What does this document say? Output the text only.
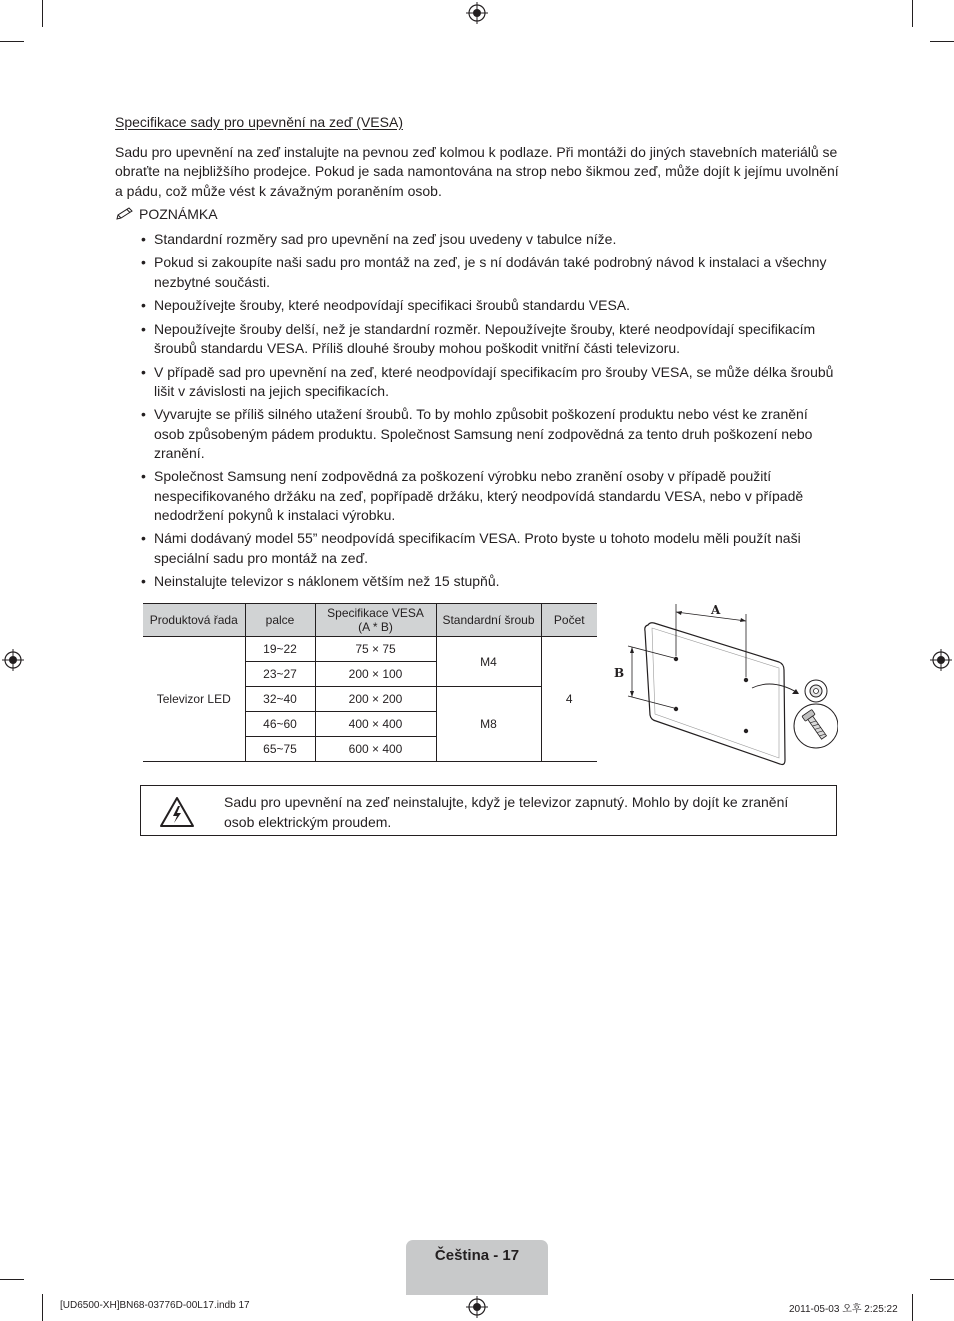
Specifikace sady pro upevnění na zeď (VESA)
Sadu pro upevnění na zeď instalujte na pevnou zeď kolmou k podlaze. Při montáži do jiných stavebních materiálů se obraťte na nejbližšího prodejce. Pokud je sada namontována na strop nebo šikmou zeď, může dojít k jejímu uvolnění a pádu, což může vést k závažným poraněním osob.
POZNÁMKA
• Standardní rozměry sad pro upevnění na zeď jsou uvedeny v tabulce níže.
• Pokud si zakoupíte naši sadu pro montáž na zeď, je s ní dodáván také podrobný návod k instalaci a všechny nezbytné součásti.
• Nepoužívejte šrouby, které neodpovídají specifikaci šroubů standardu VESA.
• Nepoužívejte šrouby delší, než je standardní rozměr. Nepoužívejte šrouby, které neodpovídají specifikacím šroubů standardu VESA. Příliš dlouhé šrouby mohou poškodit vnitřní části televizoru.
• V případě sad pro upevnění na zeď, které neodpovídají specifikacím pro šrouby VESA, se může délka šroubů lišit v závislosti na jejich specifikacích.
• Vyvarujte se příliš silného utažení šroubů. To by mohlo způsobit poškození produktu nebo vést ke zranění osob způsobeným pádem produktu. Společnost Samsung není zodpovědná za tento druh poškození nebo zranění.
• Společnost Samsung není zodpovědná za poškození výrobku nebo zranění osoby v případě použití nespecifikovaného držáku na zeď, popřípadě držáku, který neodpovídá standardu VESA, nebo v případě nedodržení pokynů k instalaci výrobku.
• Námi dodávaný model 55” neodpovídá specifikacím VESA. Proto byste u tohoto modelu měli použít naši speciální sadu pro montáž na zeď.
• Neinstalujte televizor s náklonem větším než 15 stupňů.
Produktová řada	palce	Specifikace VESA
(A * B)	Standardní šroub	Počet
Televizor LED	19~22	75 × 75	M4	4
	23~27	200 × 100		
	32~40	200 × 200	M8	
	46~60	400 × 400		
	65~75	600 × 400		
A
B
Sadu pro upevnění na zeď neinstalujte, když je televizor zapnutý. Mohlo by dojít ke zranění osob elektrickým proudem.
Čeština - 17
[UD6500-XH]BN68-03776D-00L17.indb 17	2011-05-03 오후 2:25:22
